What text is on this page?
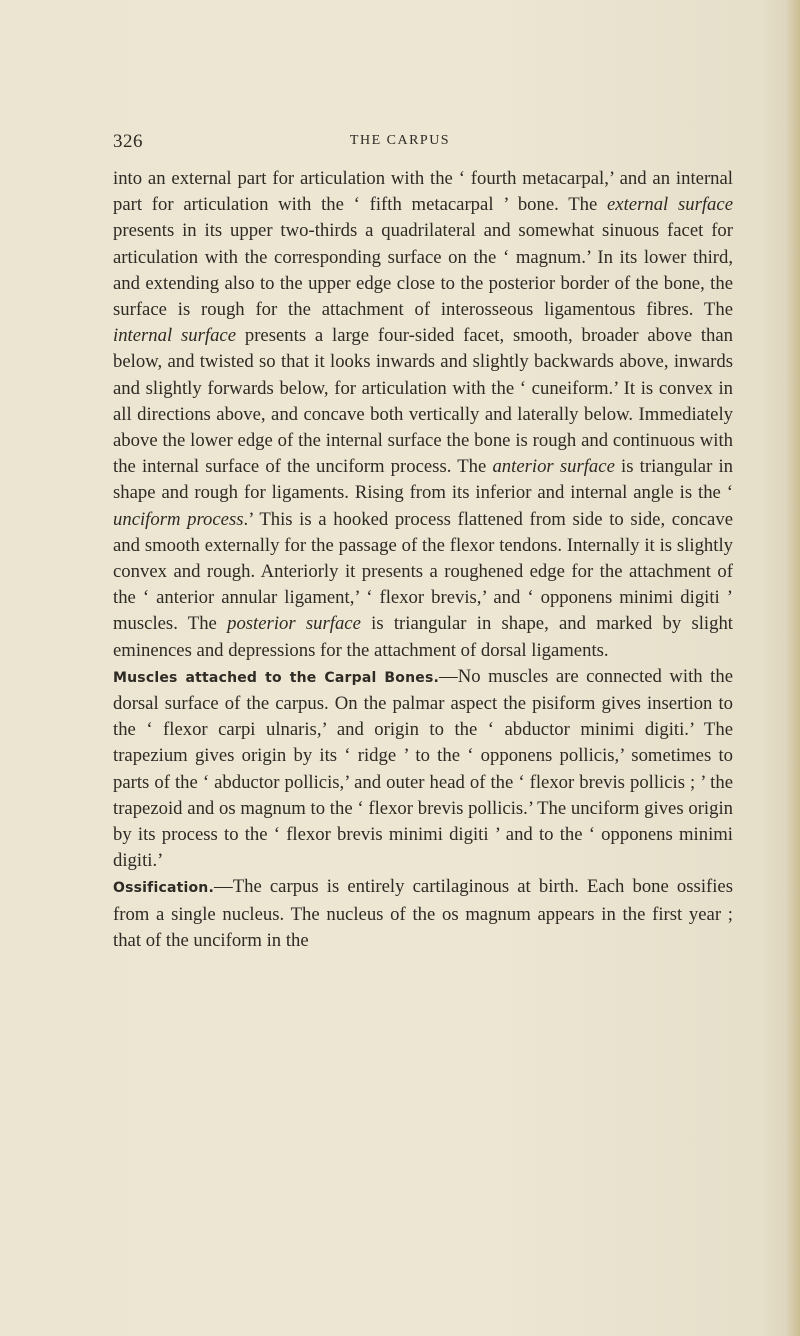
326	THE CARPUS

into an external part for articulation with the ‘ fourth metacarpal,’ and an internal part for articulation with the ‘ fifth metacarpal ’ bone. The external surface presents in its upper two-thirds a quadrilateral and somewhat sinuous facet for articulation with the corresponding surface on the ‘ magnum.’ In its lower third, and extending also to the upper edge close to the posterior border of the bone, the surface is rough for the attachment of interosseous ligamentous fibres. The internal surface presents a large four-sided facet, smooth, broader above than below, and twisted so that it looks inwards and slightly backwards above, inwards and slightly forwards below, for articulation with the ‘ cuneiform.’ It is convex in all directions above, and concave both vertically and laterally below. Immediately above the lower edge of the internal surface the bone is rough and continuous with the internal surface of the unciform process. The anterior surface is triangular in shape and rough for ligaments. Rising from its inferior and internal angle is the ‘ unciform process.’ This is a hooked process flattened from side to side, concave and smooth externally for the passage of the flexor tendons. Internally it is slightly convex and rough. Anteriorly it presents a roughened edge for the attachment of the ‘ anterior annular ligament,’ ‘ flexor brevis,’ and ‘ opponens minimi digiti ’ muscles. The posterior surface is triangular in shape, and marked by slight eminences and depressions for the attachment of dorsal ligaments.

Muscles attached to the Carpal Bones.—No muscles are connected with the dorsal surface of the carpus. On the palmar aspect the pisiform gives insertion to the ‘ flexor carpi ulnaris,’ and origin to the ‘ abductor minimi digiti.’ The trapezium gives origin by its ‘ ridge ’ to the ‘ opponens pollicis,’ sometimes to parts of the ‘ abductor pollicis,’ and outer head of the ‘ flexor brevis pollicis ; ’ the trapezoid and os magnum to the ‘ flexor brevis pollicis.’ The unciform gives origin by its process to the ‘ flexor brevis minimi digiti ’ and to the ‘ opponens minimi digiti.’

Ossification.—The carpus is entirely cartilaginous at birth. Each bone ossifies from a single nucleus. The nucleus of the os magnum appears in the first year ; that of the unciform in the
